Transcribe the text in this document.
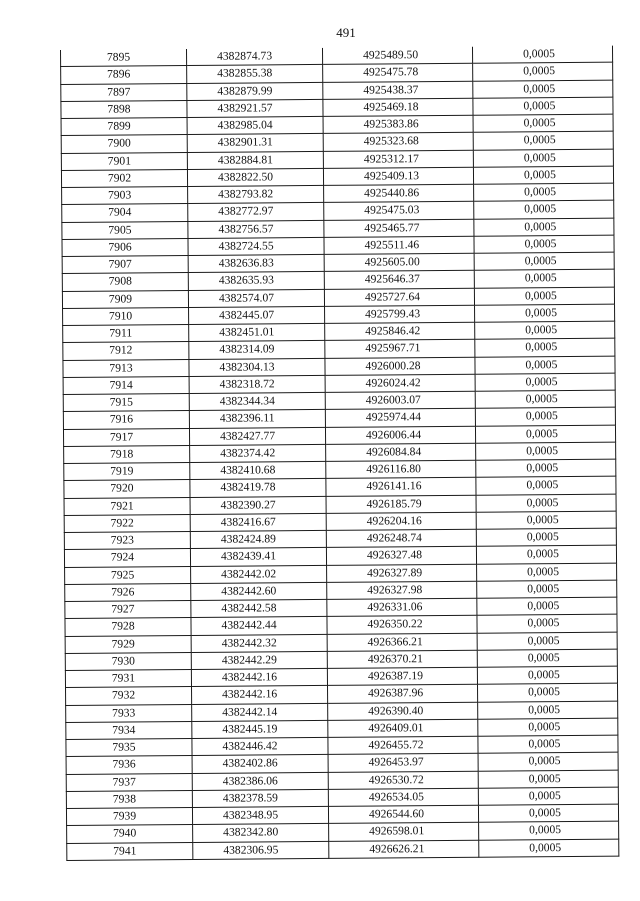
491
7895	4382874.73	4925489.50	0,0005
7896	4382855.38	4925475.78	0,0005
7897	4382879.99	4925438.37	0,0005
7898	4382921.57	4925469.18	0,0005
7899	4382985.04	4925383.86	0,0005
7900	4382901.31	4925323.68	0,0005
7901	4382884.81	4925312.17	0,0005
7902	4382822.50	4925409.13	0,0005
7903	4382793.82	4925440.86	0,0005
7904	4382772.97	4925475.03	0,0005
7905	4382756.57	4925465.77	0,0005
7906	4382724.55	4925511.46	0,0005
7907	4382636.83	4925605.00	0,0005
7908	4382635.93	4925646.37	0,0005
7909	4382574.07	4925727.64	0,0005
7910	4382445.07	4925799.43	0,0005
7911	4382451.01	4925846.42	0,0005
7912	4382314.09	4925967.71	0,0005
7913	4382304.13	4926000.28	0,0005
7914	4382318.72	4926024.42	0,0005
7915	4382344.34	4926003.07	0,0005
7916	4382396.11	4925974.44	0,0005
7917	4382427.77	4926006.44	0,0005
7918	4382374.42	4926084.84	0,0005
7919	4382410.68	4926116.80	0,0005
7920	4382419.78	4926141.16	0,0005
7921	4382390.27	4926185.79	0,0005
7922	4382416.67	4926204.16	0,0005
7923	4382424.89	4926248.74	0,0005
7924	4382439.41	4926327.48	0,0005
7925	4382442.02	4926327.89	0,0005
7926	4382442.60	4926327.98	0,0005
7927	4382442.58	4926331.06	0,0005
7928	4382442.44	4926350.22	0,0005
7929	4382442.32	4926366.21	0,0005
7930	4382442.29	4926370.21	0,0005
7931	4382442.16	4926387.19	0,0005
7932	4382442.16	4926387.96	0,0005
7933	4382442.14	4926390.40	0,0005
7934	4382445.19	4926409.01	0,0005
7935	4382446.42	4926455.72	0,0005
7936	4382402.86	4926453.97	0,0005
7937	4382386.06	4926530.72	0,0005
7938	4382378.59	4926534.05	0,0005
7939	4382348.95	4926544.60	0,0005
7940	4382342.80	4926598.01	0,0005
7941	4382306.95	4926626.21	0,0005
